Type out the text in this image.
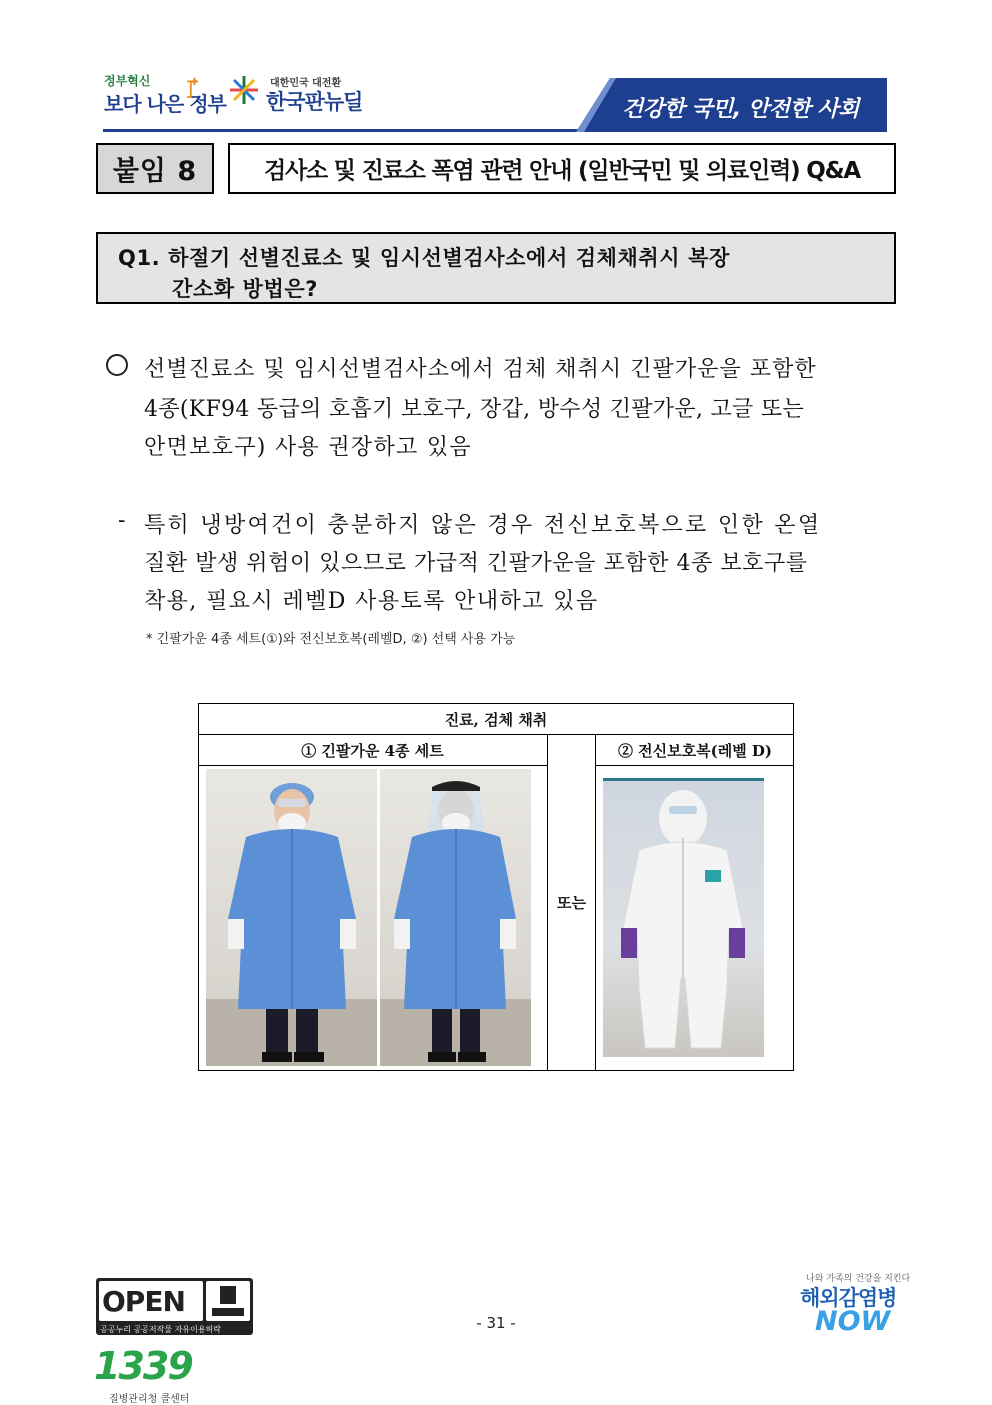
정부혁신
보다 나은 정부
대한민국 대전환
한국판뉴딜	건강한 국민, 안전한 사회
붙임 8	검사소 및 진료소 폭염 관련 안내 (일반국민 및 의료인력) Q&A
Q1. 하절기 선별진료소 및 임시선별검사소에서 검체채취시 복장
간소화 방법은?
선별진료소 및 임시선별검사소에서 검체 채취시 긴팔가운을 포함한
4종(KF94 동급의 호흡기 보호구, 장갑, 방수성 긴팔가운, 고글 또는
안면보호구) 사용 권장하고 있음
- 특히 냉방여건이 충분하지 않은 경우 전신보호복으로 인한 온열
질환 발생 위험이 있으므로 가급적 긴팔가운을 포함한 4종 보호구를
착용, 필요시 레벨D 사용토록 안내하고 있음
* 긴팔가운 4종 세트(①)와 전신보호복(레벨D, ②) 선택 사용 가능
진료, 검체 채취
① 긴팔가운 4종 세트
또는
② 전신보호복(레벨 D)
- 31 -
OPEN
공공누리 공공저작물 자유이용허락
1339
질병관리청 콜센터
나와 가족의 건강을 지킨다
해외감염병
NOW
